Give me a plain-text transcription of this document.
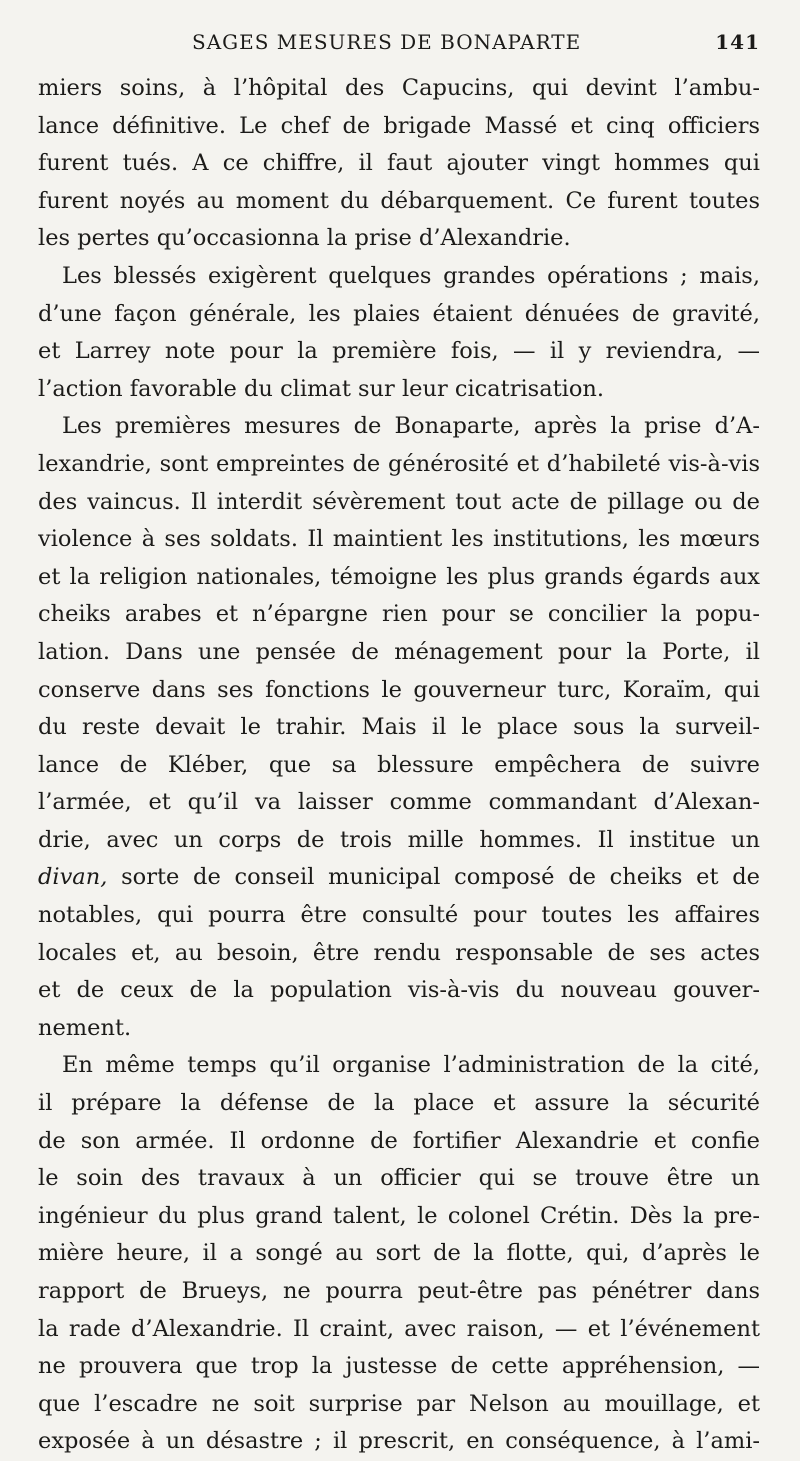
SAGES MESURES DE BONAPARTE	141
miers soins, à l’hôpital des Capucins, qui devint l’ambu-
lance définitive. Le chef de brigade Massé et cinq officiers
furent tués. A ce chiffre, il faut ajouter vingt hommes qui
furent noyés au moment du débarquement. Ce furent toutes
les pertes qu’occasionna la prise d’Alexandrie.
Les blessés exigèrent quelques grandes opérations ; mais,
d’une façon générale, les plaies étaient dénuées de gravité,
et Larrey note pour la première fois, — il y reviendra, —
l’action favorable du climat sur leur cicatrisation.
Les premières mesures de Bonaparte, après la prise d’A-
lexandrie, sont empreintes de générosité et d’habileté vis-à-vis
des vaincus. Il interdit sévèrement tout acte de pillage ou de
violence à ses soldats. Il maintient les institutions, les mœurs
et la religion nationales, témoigne les plus grands égards aux
cheiks arabes et n’épargne rien pour se concilier la popu-
lation. Dans une pensée de ménagement pour la Porte, il
conserve dans ses fonctions le gouverneur turc, Koraïm, qui
du reste devait le trahir. Mais il le place sous la surveil-
lance de Kléber, que sa blessure empêchera de suivre
l’armée, et qu’il va laisser comme commandant d’Alexan-
drie, avec un corps de trois mille hommes. Il institue un
divan, sorte de conseil municipal composé de cheiks et de
notables, qui pourra être consulté pour toutes les affaires
locales et, au besoin, être rendu responsable de ses actes
et de ceux de la population vis-à-vis du nouveau gouver-
nement.
En même temps qu’il organise l’administration de la cité,
il prépare la défense de la place et assure la sécurité
de son armée. Il ordonne de fortifier Alexandrie et confie
le soin des travaux à un officier qui se trouve être un
ingénieur du plus grand talent, le colonel Crétin. Dès la pre-
mière heure, il a songé au sort de la flotte, qui, d’après le
rapport de Brueys, ne pourra peut-être pas pénétrer dans
la rade d’Alexandrie. Il craint, avec raison, — et l’événement
ne prouvera que trop la justesse de cette appréhension, —
que l’escadre ne soit surprise par Nelson au mouillage, et
exposée à un désastre ; il prescrit, en conséquence, à l’ami-
